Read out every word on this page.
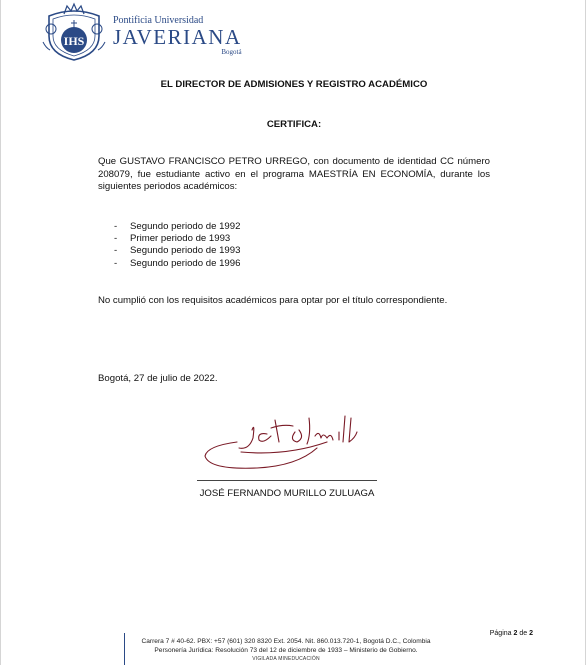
IHS
Pontificia Universidad
JAVERIANA
Bogotá
EL DIRECTOR DE ADMISIONES Y REGISTRO ACADÉMICO
CERTIFICA:
Que GUSTAVO FRANCISCO PETRO URREGO, con documento de identidad CC número 208079, fue estudiante activo en el programa MAESTRÍA EN ECONOMÍA, durante los siguientes periodos académicos:
-	Segundo periodo de 1992
-	Primer periodo de 1993
-	Segundo periodo de 1993
-	Segundo periodo de 1996
No cumplió con los requisitos académicos para optar por el título correspondiente.
Bogotá, 27 de julio de 2022.
JOSÉ FERNANDO MURILLO ZULUAGA
Página 2 de 2
Carrera 7 # 40-62. PBX: +57 (601) 320 8320 Ext. 2054. Nit. 860.013.720-1, Bogotá D.C., Colombia
Personería Jurídica: Resolución 73 del 12 de diciembre de 1933 – Ministerio de Gobierno.
VIGILADA MINEDUCACIÓN
